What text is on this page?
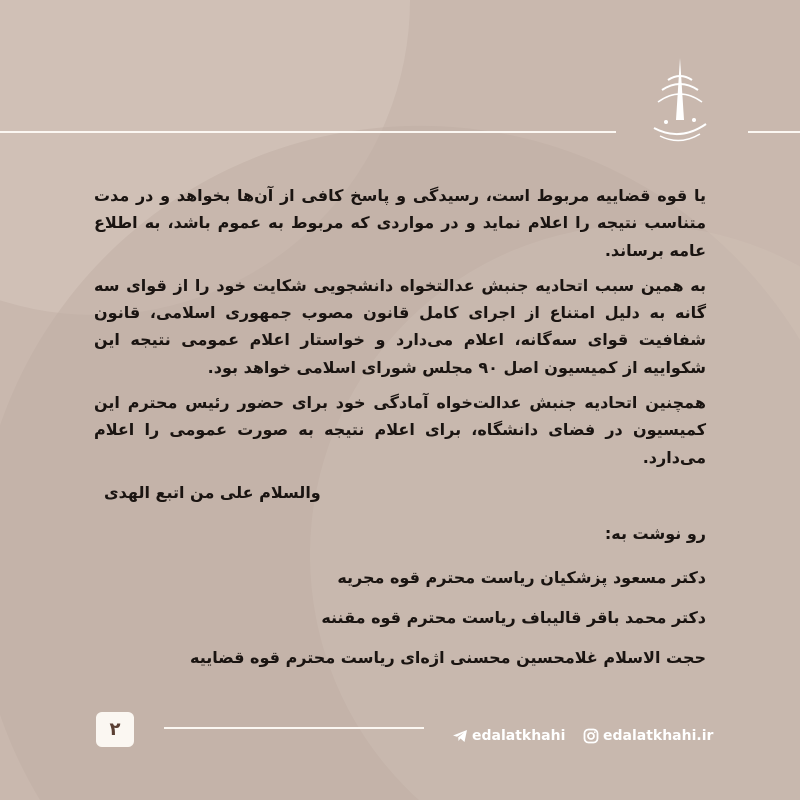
یا قوه قضاییه مربوط است، رسیدگی و پاسخ کافی از آن‌ها بخواهد و در مدت متناسب نتیجه را اعلام نماید و در مواردی که مربوط به عموم باشد، به اطلاع عامه برساند.

به همین سبب اتحادیه جنبش عدالتخواه دانشجویی شکایت خود را از قوای سه گانه به دلیل امتناع از اجرای کامل قانون مصوب جمهوری اسلامی، قانون شفافیت قوای سه‌گانه، اعلام می‌دارد و خواستار اعلام عمومی نتیجه این شکواییه از کمیسیون اصل ۹۰ مجلس شورای اسلامی خواهد بود.

همچنین اتحادیه جنبش عدالت‌خواه آمادگی خود برای حضور رئیس محترم این کمیسیون در فضای دانشگاه، برای اعلام نتیجه به صورت عمومی را اعلام می‌دارد.

والسلام علی من اتبع الهدی

رو نوشت به:

دکتر مسعود پزشکیان ریاست محترم قوه مجریه

دکتر محمد باقر قالیباف ریاست محترم قوه مقننه

حجت الاسلام غلامحسین محسنی اژه‌ای ریاست محترم قوه قضاییه

۲	edalatkhahi	edalatkhahi.ir
